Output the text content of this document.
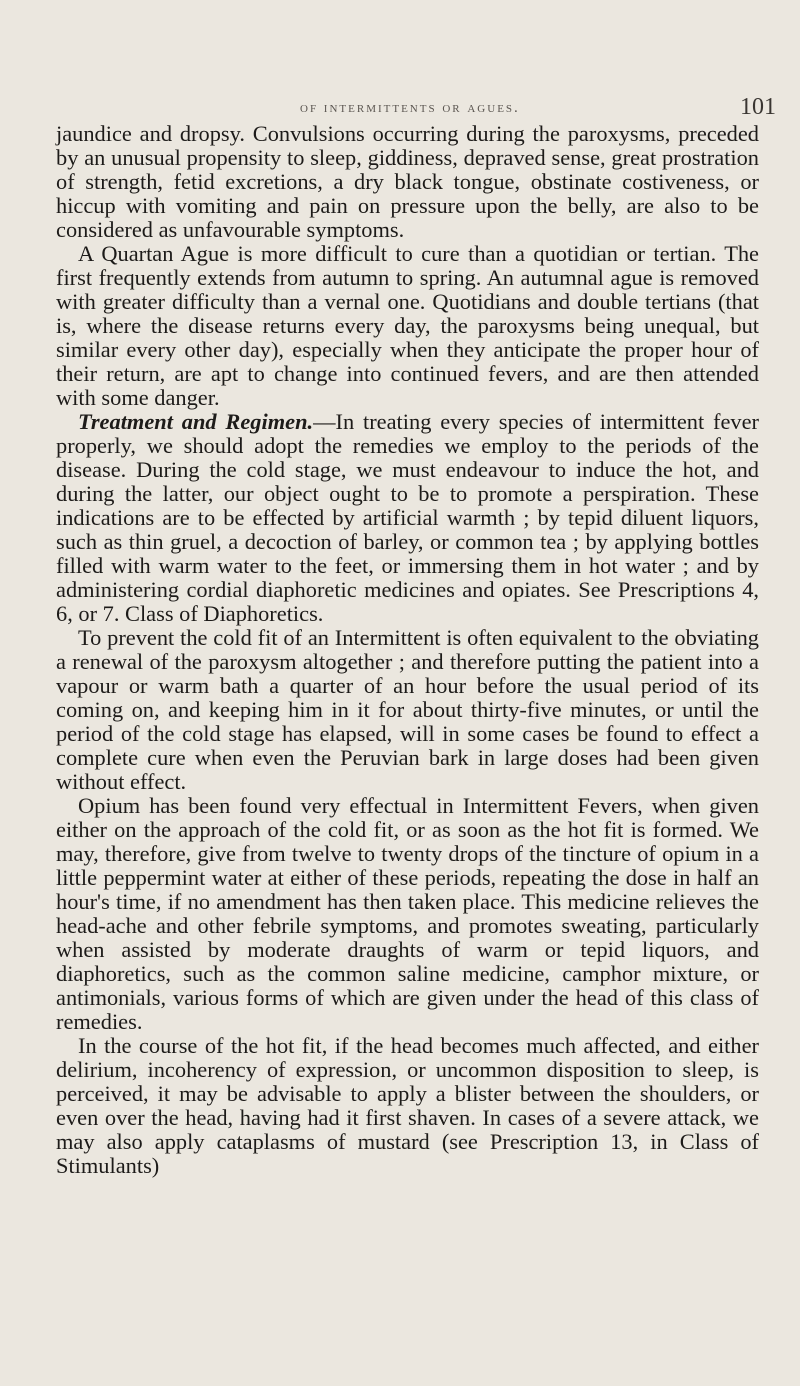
of intermittents or agues.	101

jaundice and dropsy. Convulsions occurring during the paroxysms, preceded by an unusual propensity to sleep, giddiness, depraved sense, great prostration of strength, fetid excretions, a dry black tongue, obstinate costiveness, or hiccup with vomiting and pain on pressure upon the belly, are also to be considered as unfavourable symptoms.

A Quartan Ague is more difficult to cure than a quotidian or tertian. The first frequently extends from autumn to spring. An autumnal ague is removed with greater difficulty than a vernal one. Quotidians and double tertians (that is, where the disease returns every day, the paroxysms being unequal, but similar every other day), especially when they anticipate the proper hour of their return, are apt to change into continued fevers, and are then attended with some danger.

Treatment and Regimen.—In treating every species of intermittent fever properly, we should adopt the remedies we employ to the periods of the disease. During the cold stage, we must endeavour to induce the hot, and during the latter, our object ought to be to promote a perspiration. These indications are to be effected by artificial warmth ; by tepid diluent liquors, such as thin gruel, a decoction of barley, or common tea ; by applying bottles filled with warm water to the feet, or immersing them in hot water ; and by administering cordial diaphoretic medicines and opiates. See Prescriptions 4, 6, or 7. Class of Diaphoretics.

To prevent the cold fit of an Intermittent is often equivalent to the obviating a renewal of the paroxysm altogether ; and therefore putting the patient into a vapour or warm bath a quarter of an hour before the usual period of its coming on, and keeping him in it for about thirty-five minutes, or until the period of the cold stage has elapsed, will in some cases be found to effect a complete cure when even the Peruvian bark in large doses had been given without effect.

Opium has been found very effectual in Intermittent Fevers, when given either on the approach of the cold fit, or as soon as the hot fit is formed. We may, therefore, give from twelve to twenty drops of the tincture of opium in a little peppermint water at either of these periods, repeating the dose in half an hour's time, if no amendment has then taken place. This medicine relieves the head-ache and other febrile symptoms, and promotes sweating, particularly when assisted by moderate draughts of warm or tepid liquors, and diaphoretics, such as the common saline medicine, camphor mixture, or antimonials, various forms of which are given under the head of this class of remedies.

In the course of the hot fit, if the head becomes much affected, and either delirium, incoherency of expression, or uncommon disposition to sleep, is perceived, it may be advisable to apply a blister between the shoulders, or even over the head, having had it first shaven. In cases of a severe attack, we may also apply cataplasms of mustard (see Prescription 13, in Class of Stimulants)
